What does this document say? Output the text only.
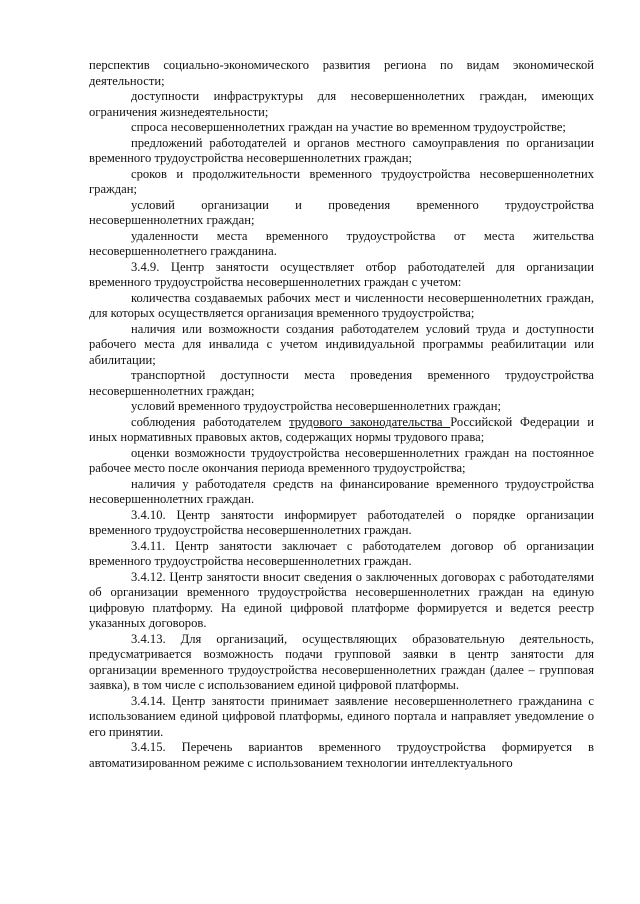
перспектив социально-экономического развития региона по видам экономической деятельности;

доступности инфраструктуры для несовершеннолетних граждан, имеющих ограничения жизнедеятельности;

спроса несовершеннолетних граждан на участие во временном трудоустройстве;

предложений работодателей и органов местного самоуправления по организации временного трудоустройства несовершеннолетних граждан;

сроков и продолжительности временного трудоустройства несовершеннолетних граждан;

условий организации и проведения временного трудоустройства несовершеннолетних граждан;

удаленности места временного трудоустройства от места жительства несовершеннолетнего гражданина.

3.4.9. Центр занятости осуществляет отбор работодателей для организации временного трудоустройства несовершеннолетних граждан с учетом:

количества создаваемых рабочих мест и численности несовершеннолетних граждан, для которых осуществляется организация временного трудоустройства;

наличия или возможности создания работодателем условий труда и доступности рабочего места для инвалида с учетом индивидуальной программы реабилитации или абилитации;

транспортной доступности места проведения временного трудоустройства несовершеннолетних граждан;

условий временного трудоустройства несовершеннолетних граждан;

соблюдения работодателем трудового законодательства Российской Федерации и иных нормативных правовых актов, содержащих нормы трудового права;

оценки возможности трудоустройства несовершеннолетних граждан на постоянное рабочее место после окончания периода временного трудоустройства;

наличия у работодателя средств на финансирование временного трудоустройства несовершеннолетних граждан.

3.4.10. Центр занятости информирует работодателей о порядке организации временного трудоустройства несовершеннолетних граждан.

3.4.11. Центр занятости заключает с работодателем договор об организации временного трудоустройства несовершеннолетних граждан.

3.4.12. Центр занятости вносит сведения о заключенных договорах с работодателями об организации временного трудоустройства несовершеннолетних граждан на единую цифровую платформу. На единой цифровой платформе формируется и ведется реестр указанных договоров.

3.4.13. Для организаций, осуществляющих образовательную деятельность, предусматривается возможность подачи групповой заявки в центр занятости для организации временного трудоустройства несовершеннолетних граждан (далее – групповая заявка), в том числе с использованием единой цифровой платформы.

3.4.14. Центр занятости принимает заявление несовершеннолетнего гражданина с использованием единой цифровой платформы, единого портала и направляет уведомление о его принятии.

3.4.15. Перечень вариантов временного трудоустройства формируется в автоматизированном режиме с использованием технологии интеллектуального
